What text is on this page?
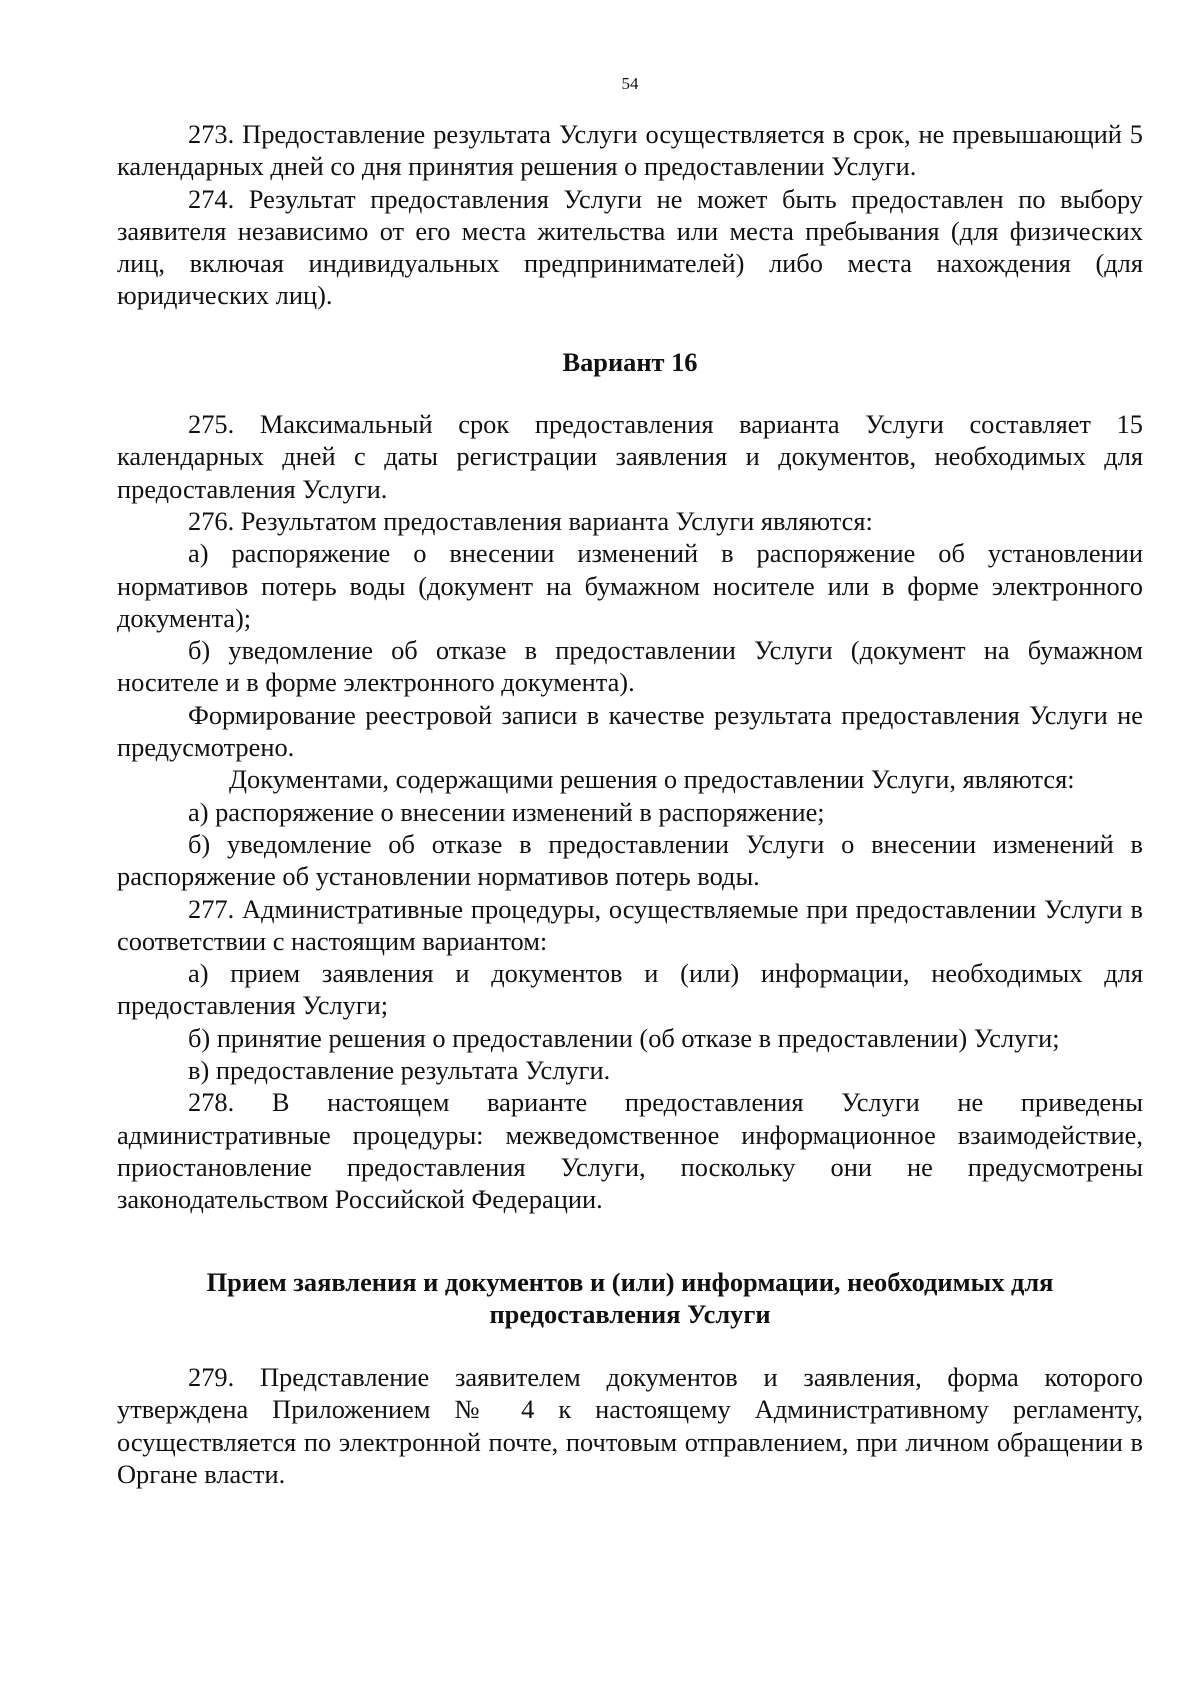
54

273. Предоставление результата Услуги осуществляется в срок, не превышающий 5 календарных дней со дня принятия решения о предоставлении Услуги.

274. Результат предоставления Услуги не может быть предоставлен по выбору заявителя независимо от его места жительства или места пребывания (для физических лиц, включая индивидуальных предпринимателей) либо места нахождения (для юридических лиц).

Вариант 16

275. Максимальный срок предоставления варианта Услуги составляет 15 календарных дней с даты регистрации заявления и документов, необходимых для предоставления Услуги.

276. Результатом предоставления варианта Услуги являются:

а) распоряжение о внесении изменений в распоряжение об установлении нормативов потерь воды (документ на бумажном носителе или в форме электронного документа);

б) уведомление об отказе в предоставлении Услуги (документ на бумажном носителе и в форме электронного документа).

Формирование реестровой записи в качестве результата предоставления Услуги не предусмотрено.

Документами, содержащими решения о предоставлении Услуги, являются:

а) распоряжение о внесении изменений в распоряжение;

б) уведомление об отказе в предоставлении Услуги о внесении изменений в распоряжение об установлении нормативов потерь воды.

277. Административные процедуры, осуществляемые при предоставлении Услуги в соответствии с настоящим вариантом:

а) прием заявления и документов и (или) информации, необходимых для предоставления Услуги;

б) принятие решения о предоставлении (об отказе в предоставлении) Услуги;

в) предоставление результата Услуги.

278. В настоящем варианте предоставления Услуги не приведены административные процедуры: межведомственное информационное взаимодействие, приостановление предоставления Услуги, поскольку они не предусмотрены законодательством Российской Федерации.

Прием заявления и документов и (или) информации, необходимых для
предоставления Услуги

279. Представление заявителем документов и заявления, форма которого утверждена Приложением № 4 к настоящему Административному регламенту, осуществляется по электронной почте, почтовым отправлением, при личном обращении в Органе власти.
